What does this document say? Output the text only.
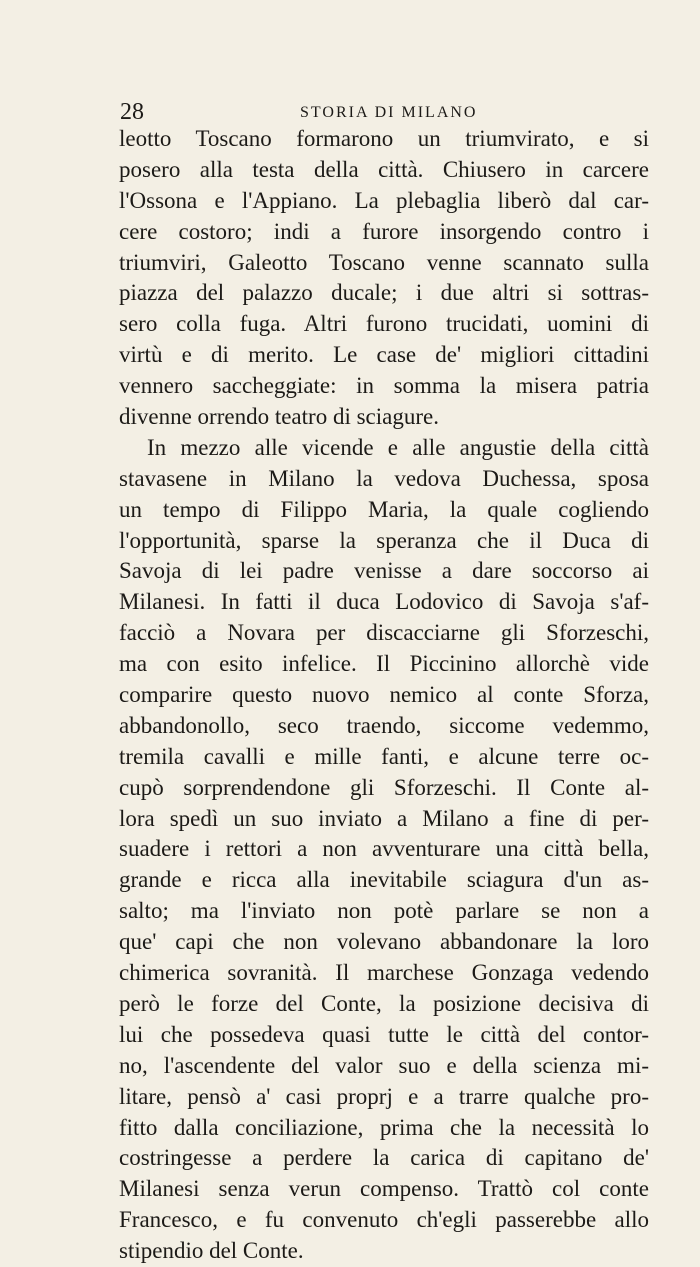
28	STORIA DI MILANO
leotto Toscano formarono un triumvirato, e si
posero alla testa della città. Chiusero in carcere
l'Ossona e l'Appiano. La plebaglia liberò dal car-
cere costoro; indi a furore insorgendo contro i
triumviri, Galeotto Toscano venne scannato sulla
piazza del palazzo ducale; i due altri si sottras-
sero colla fuga. Altri furono trucidati, uomini di
virtù e di merito. Le case de' migliori cittadini
vennero saccheggiate: in somma la misera patria
divenne orrendo teatro di sciagure.
In mezzo alle vicende e alle angustie della città
stavasene in Milano la vedova Duchessa, sposa
un tempo di Filippo Maria, la quale cogliendo
l'opportunità, sparse la speranza che il Duca di
Savoja di lei padre venisse a dare soccorso ai
Milanesi. In fatti il duca Lodovico di Savoja s'af-
facciò a Novara per discacciarne gli Sforzeschi,
ma con esito infelice. Il Piccinino allorchè vide
comparire questo nuovo nemico al conte Sforza,
abbandonollo, seco traendo, siccome vedemmo,
tremila cavalli e mille fanti, e alcune terre oc-
cupò sorprendendone gli Sforzeschi. Il Conte al-
lora spedì un suo inviato a Milano a fine di per-
suadere i rettori a non avventurare una città bella,
grande e ricca alla inevitabile sciagura d'un as-
salto; ma l'inviato non potè parlare se non a
que' capi che non volevano abbandonare la loro
chimerica sovranità. Il marchese Gonzaga vedendo
però le forze del Conte, la posizione decisiva di
lui che possedeva quasi tutte le città del contor-
no, l'ascendente del valor suo e della scienza mi-
litare, pensò a' casi proprj e a trarre qualche pro-
fitto dalla conciliazione, prima che la necessità lo
costringesse a perdere la carica di capitano de'
Milanesi senza verun compenso. Trattò col conte
Francesco, e fu convenuto ch'egli passerebbe allo
stipendio del Conte.
